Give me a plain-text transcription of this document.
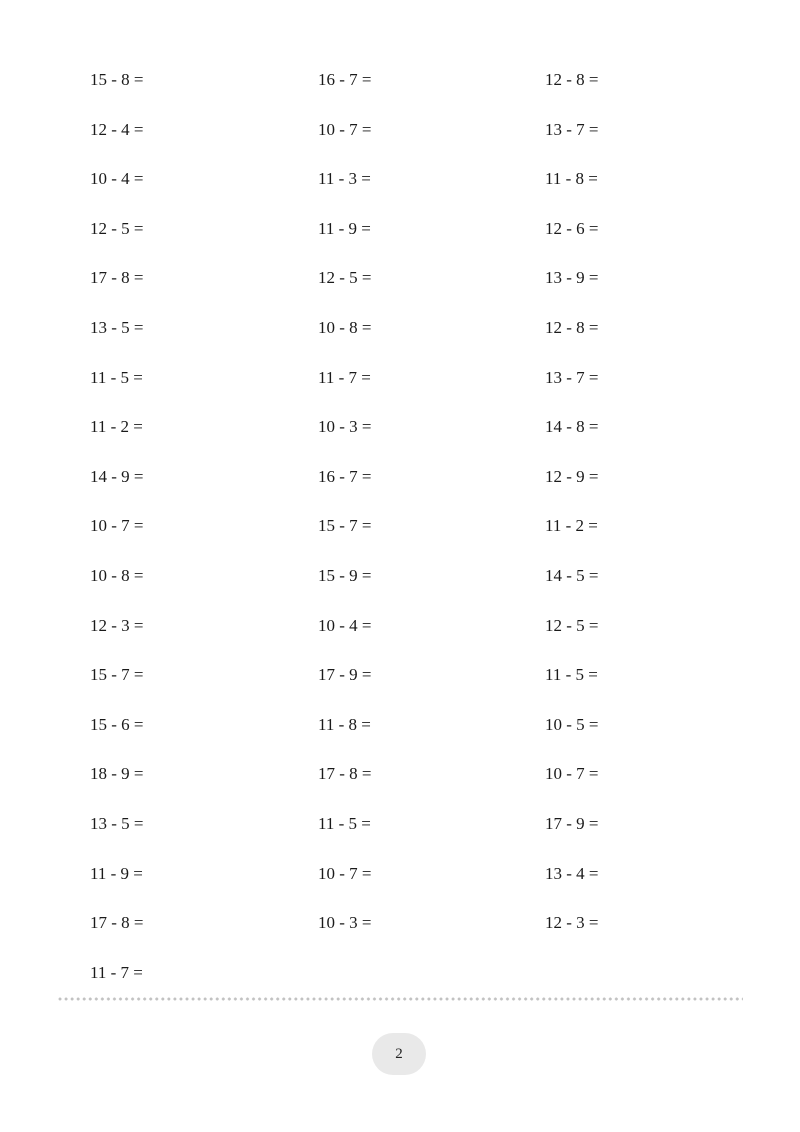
15 - 8 =	16 - 7 =	12 - 8 =
12 - 4 =	10 - 7 =	13 - 7 =
10 - 4 =	11 - 3 =	11 - 8 =
12 - 5 =	11 - 9 =	12 - 6 =
17 - 8 =	12 - 5 =	13 - 9 =
13 - 5 =	10 - 8 =	12 - 8 =
11 - 5 =	11 - 7 =	13 - 7 =
11 - 2 =	10 - 3 =	14 - 8 =
14 - 9 =	16 - 7 =	12 - 9 =
10 - 7 =	15 - 7 =	11 - 2 =
10 - 8 =	15 - 9 =	14 - 5 =
12 - 3 =	10 - 4 =	12 - 5 =
15 - 7 =	17 - 9 =	11 - 5 =
15 - 6 =	11 - 8 =	10 - 5 =
18 - 9 =	17 - 8 =	10 - 7 =
13 - 5 =	11 - 5 =	17 - 9 =
11 - 9 =	10 - 7 =	13 - 4 =
17 - 8 =	10 - 3 =	12 - 3 =
11 - 7 =
2
